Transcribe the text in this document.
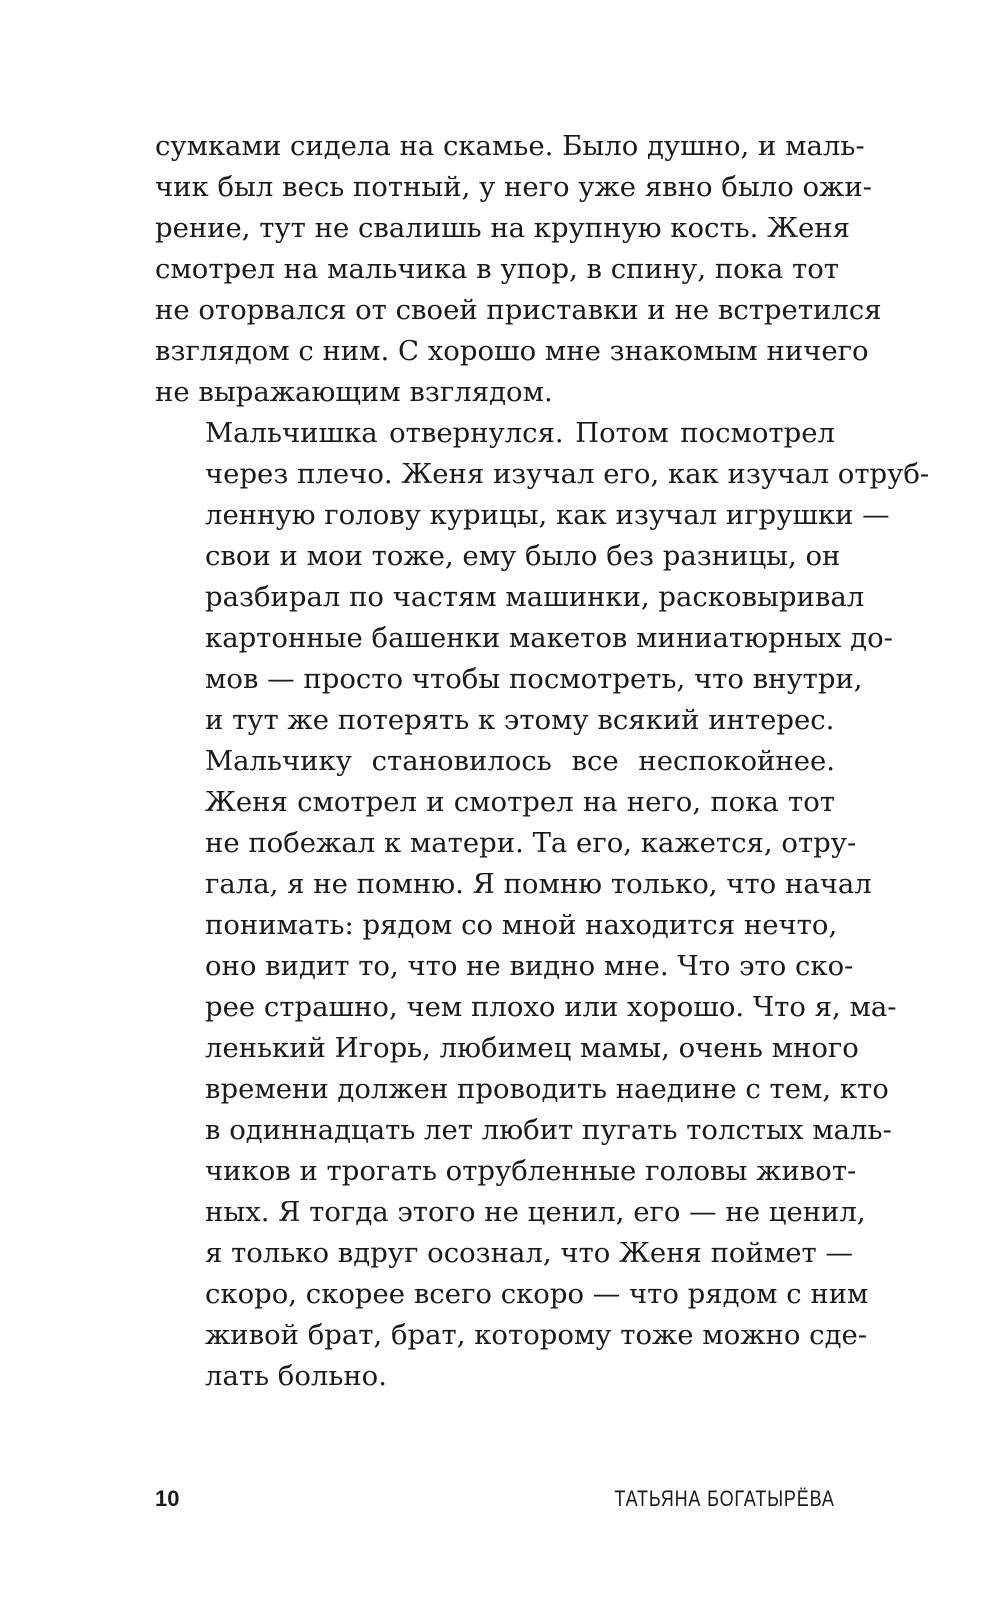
сумками сидела на скамье. Было душно, и маль-
чик был весь потный, у него уже явно было ожи-
рение, тут не свалишь на крупную кость. Женя
смотрел на мальчика в упор, в спину, пока тот
не оторвался от своей приставки и не встретился
взглядом с ним. С хорошо мне знакомым ничего
не выражающим взглядом.

Мальчишка отвернулся. Потом посмотрел
через плечо. Женя изучал его, как изучал отруб-
ленную голову курицы, как изучал игрушки —
свои и мои тоже, ему было без разницы, он
разбирал по частям машинки, расковыривал
картонные башенки макетов миниатюрных до-
мов — просто чтобы посмотреть, что внутри,
и тут же потерять к этому всякий интерес.

Мальчику становилось все неспокойнее.
Женя смотрел и смотрел на него, пока тот
не побежал к матери. Та его, кажется, отру-
гала, я не помню. Я помню только, что начал
понимать: рядом со мной находится нечто,
оно видит то, что не видно мне. Что это ско-
рее страшно, чем плохо или хорошо. Что я, ма-
ленький Игорь, любимец мамы, очень много
времени должен проводить наедине с тем, кто
в одиннадцать лет любит пугать толстых маль-
чиков и трогать отрубленные головы живот-
ных. Я тогда этого не ценил, его — не ценил,
я только вдруг осознал, что Женя поймет —
скоро, скорее всего скоро — что рядом с ним
живой брат, брат, которому тоже можно сде-
лать больно.

10	ТАТЬЯНА БОГАТЫРЁВА
